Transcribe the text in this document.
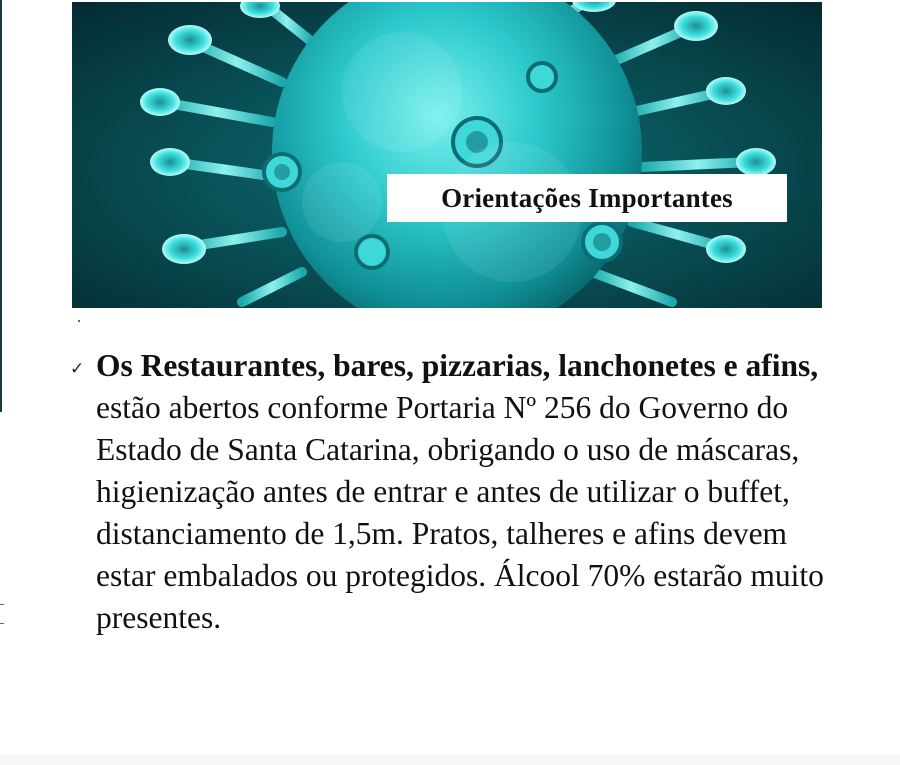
Orientações Importantes
✓ Os Restaurantes, bares, pizzarias, lanchonetes e afins, estão abertos conforme Portaria Nº 256 do Governo do Estado de Santa Catarina, obrigando o uso de máscaras, higienização antes de entrar e antes de utilizar o buffet, distanciamento de 1,5m. Pratos, talheres e afins devem estar embalados ou protegidos. Álcool 70% estarão muito presentes.
